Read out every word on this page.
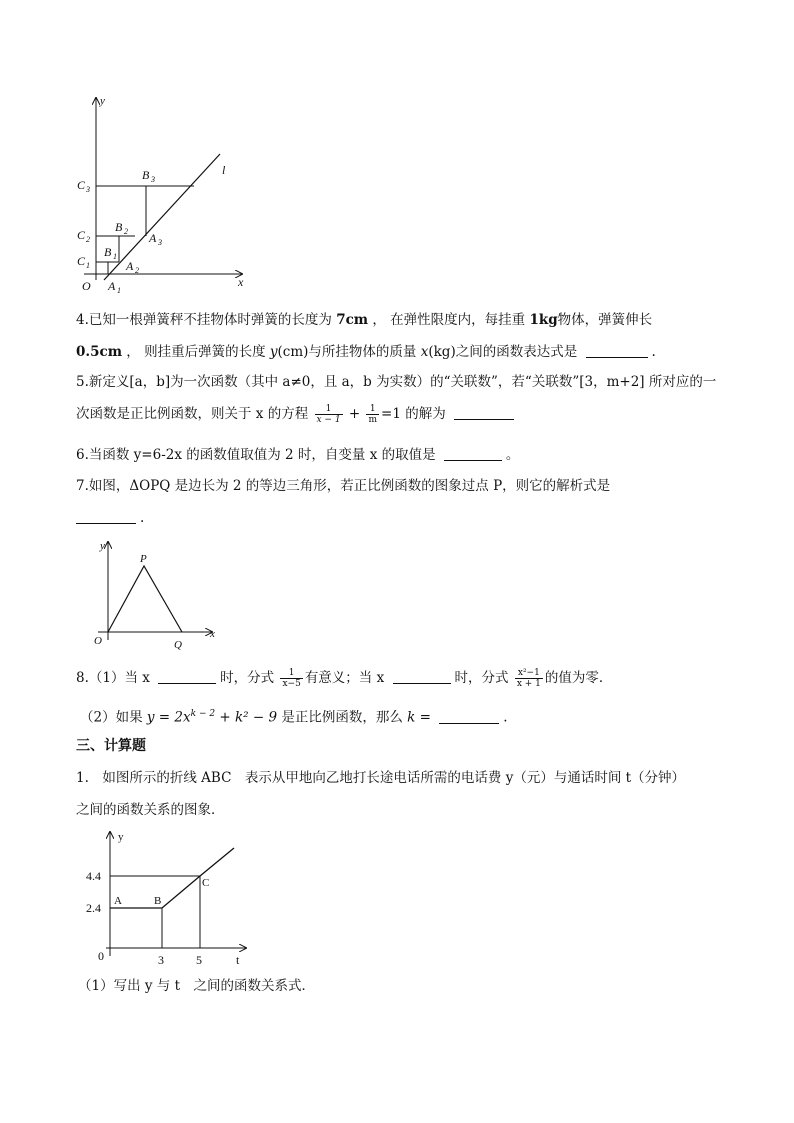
y
x
l
O
C 3
C 2
C 1
B 3
B 2
B 1
A 3
A 2
A 1
4.已知一根弹簧秤不挂物体时弹簧的长度为 7cm ， 在弹性限度内，每挂重 1kg物体，弹簧伸长
0.5cm ， 则挂重后弹簧的长度 y(cm)与所挂物体的质量 x(kg)之间的函数表达式是	.
5.新定义[a，b]为一次函数（其中 a≠0，且 a，b 为实数）的“关联数”，若“关联数”[3，m+2] 所对应的一
次函数是正比例函数，则关于 x 的方程 $\frac{1}{x - 1} + \frac{1}{m} =1$ 的解为
6.当函数 y=6-2x 的函数值取值为 2 时，自变量 x 的取值是	。
7.如图，ΔOPQ 是边长为 2 的等边三角形，若正比例函数的图象过点 P，则它的解析式是
.
y
x
P
O	Q
8.（1）当 x	时，分式 $\frac{1}{x-5}$ 有意义；当 x	时，分式 $\frac{\text{x²−1}}{x + 1}$ 的值为零．
（2）如果 $y = 2x^{k - 2} + k^2 - 9$ 是正比例函数，那么 k =	.
三、计算题
1.　如图所示的折线 ABC　表示从甲地向乙地打长途电话所需的电话费 y（元）与通话时间 t（分钟）
之间的函数关系的图象．
y
t
0
4.4
2.4
3	5
A	B
C
（1）写出 y 与 t　之间的函数关系式．
